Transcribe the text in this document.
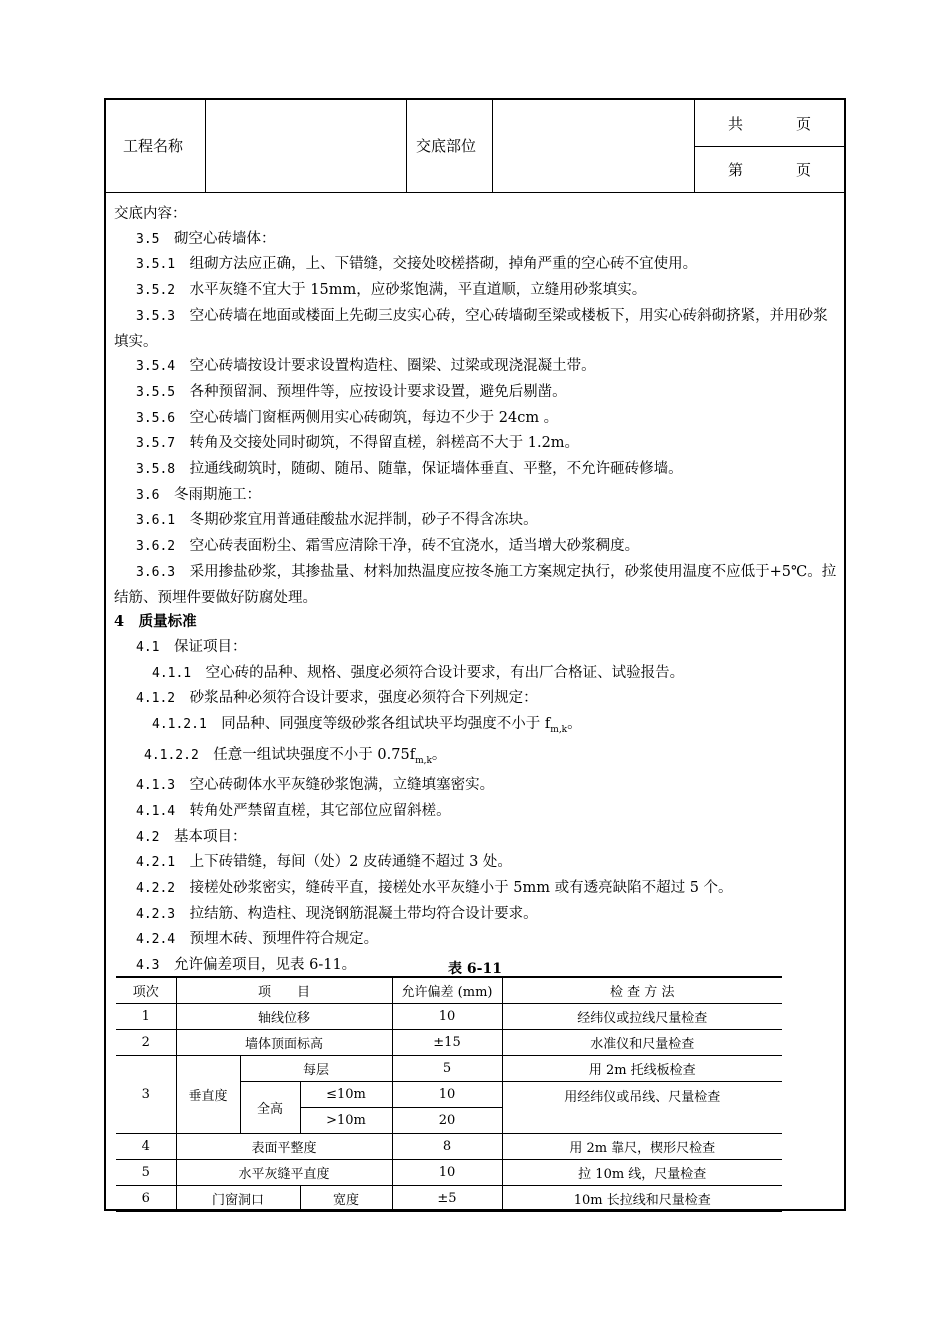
工程名称	交底部位
共	页
第	页
交底内容：
3.5　 砌空心砖墙体：
3.5.1　 组砌方法应正确，上、下错缝，交接处咬槎搭砌，掉角严重的空心砖不宜使用。
3.5.2　 水平灰缝不宜大于 15mm，应砂浆饱满，平直道顺，立缝用砂浆填实。
3.5.3　 空心砖墙在地面或楼面上先砌三皮实心砖，空心砖墙砌至梁或楼板下，用实心砖斜砌挤紧，并用砂浆填实。
3.5.4　 空心砖墙按设计要求设置构造柱、圈梁、过梁或现浇混凝土带。
3.5.5　 各种预留洞、预埋件等，应按设计要求设置，避免后剔凿。
3.5.6　 空心砖墙门窗框两侧用实心砖砌筑，每边不少于 24cm 。
3.5.7　 转角及交接处同时砌筑，不得留直槎，斜槎高不大于 1.2m。
3.5.8　 拉通线砌筑时，随砌、随吊、随靠，保证墙体垂直、平整，不允许砸砖修墙。
3.6　 冬雨期施工：
3.6.1　 冬期砂浆宜用普通硅酸盐水泥拌制，砂子不得含冻块。
3.6.2　 空心砖表面粉尘、霜雪应清除干净，砖不宜浇水，适当增大砂浆稠度。
3.6.3　 采用掺盐砂浆，其掺盐量、材料加热温度应按冬施工方案规定执行，砂浆使用温度不应低于+5℃。拉结筋、预埋件要做好防腐处理。
4　 质量标准
4.1　 保证项目：
4.1.1　 空心砖的品种、规格、强度必须符合设计要求，有出厂合格证、试验报告。
4.1.2　 砂浆品种必须符合设计要求，强度必须符合下列规定：
4.1.2.1　 同品种、同强度等级砂浆各组试块平均强度不小于 $f_{m,k}$。
4.1.2.2　 任意一组试块强度不小于 $0.75f_{m,k}$。
4.1.3　 空心砖砌体水平灰缝砂浆饱满，立缝填塞密实。
4.1.4　 转角处严禁留直槎，其它部位应留斜槎。
4.2　 基本项目：
4.2.1　 上下砖错缝，每间（处）2 皮砖通缝不超过 3 处。
4.2.2　 接槎处砂浆密实，缝砖平直，接槎处水平灰缝小于 5mm 或有透亮缺陷不超过 5 个。
4.2.3　 拉结筋、构造柱、现浇钢筋混凝土带均符合设计要求。
4.2.4　 预埋木砖、预埋件符合规定。
4.3　 允许偏差项目，见表 6-11。	表 6-11
项次	项　　目			允许偏差 (mm)	检 查 方 法
1	轴线位移			10	经纬仪或拉线尺量检查
2	墙体顶面标高			±15	水准仪和尺量检查
3	垂直度	每层		5	用 2m 托线板检查
		全高	≤10m	10	用经纬仪或吊线、尺量检查
			>10m	20	
4	表面平整度			8	用 2m 靠尺，楔形尺检查
5	水平灰缝平直度			10	拉 10m 线，尺量检查
6	门窗洞口		宽度	±5	10m 长拉线和尺量检查
